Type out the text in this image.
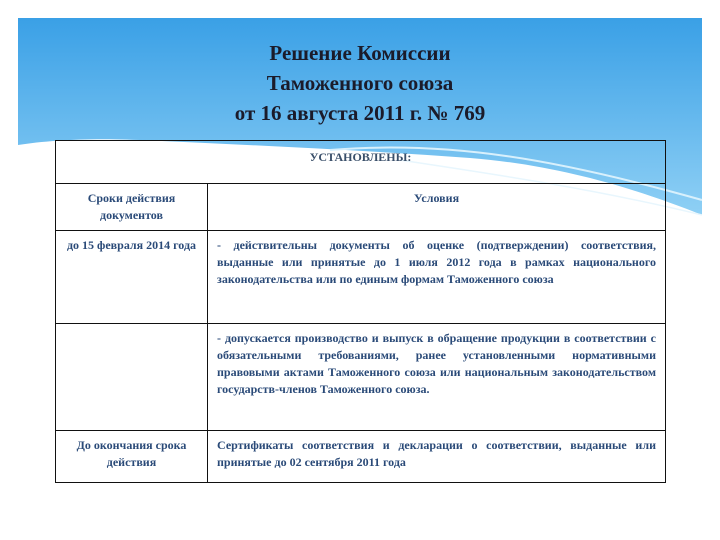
Решение Комиссии
Таможенного союза
от 16 августа 2011 г. № 769
УСТАНОВЛЕНЫ:	
Сроки действия документов	Условия
до 15 февраля 2014 года	- действительны документы об оценке (подтверждении) соответствия, выданные или принятые до 1 июля 2012 года в рамках национального законодательства или по единым формам Таможенного союза
	- допускается производство и выпуск в обращение продукции в соответствии с обязательными требованиями, ранее установленными нормативными правовыми актами Таможенного союза или национальным законодательством государств-членов Таможенного союза.
До окончания срока действия	Сертификаты соответствия и декларации о соответствии, выданные или принятые до 02 сентября 2011 года
